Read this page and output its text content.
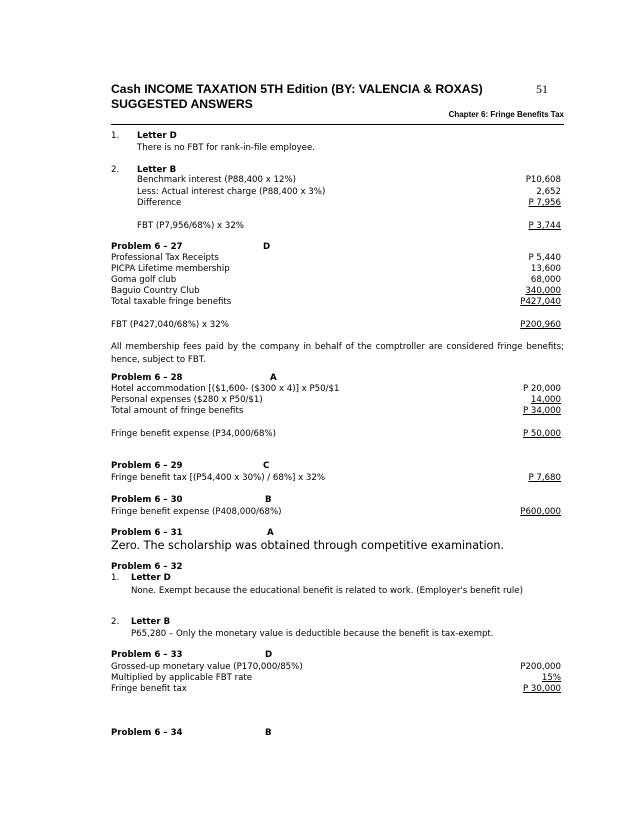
Cash INCOME TAXATION 5TH Edition (BY: VALENCIA & ROXAS)	51
SUGGESTED ANSWERS
Chapter 6: Fringe Benefits Tax
1. Letter D
There is no FBT for rank-in-file employee.
2. Letter B
Benchmark interest (P88,400 x 12%)	P10,608
Less: Actual interest charge (P88,400 x 3%)	2,652
Difference	P 7,956
FBT (P7,956/68%) x 32%	P 3,744
Problem 6 – 27	D
Professional Tax Receipts	P 5,440
PICPA Lifetime membership	13,600
Goma golf club	68,000
Baguio Country Club	340,000
Total taxable fringe benefits	P427,040
FBT (P427,040/68%) x 32%	P200,960
All membership fees paid by the company in behalf of the comptroller are considered fringe benefits; hence, subject to FBT.
Problem 6 – 28	A
Hotel accommodation [($1,600- ($300 x 4)] x P50/$1	P 20,000
Personal expenses ($280 x P50/$1)	14,000
Total amount of fringe benefits	P 34,000
Fringe benefit expense (P34,000/68%)	P 50,000
Problem 6 – 29	C
Fringe benefit tax [(P54,400 x 30%) / 68%] x 32%	P 7,680
Problem 6 – 30	B
Fringe benefit expense (P408,000/68%)	P600,000
Problem 6 – 31	A
Zero. The scholarship was obtained through competitive examination.
Problem 6 – 32
1. Letter D
None. Exempt because the educational benefit is related to work. (Employer's benefit rule)
2. Letter B
P65,280 – Only the monetary value is deductible because the benefit is tax-exempt.
Problem 6 – 33	D
Grossed-up monetary value (P170,000/85%)	P200,000
Multiplied by applicable FBT rate	15%
Fringe benefit tax	P 30,000
Problem 6 – 34	B
